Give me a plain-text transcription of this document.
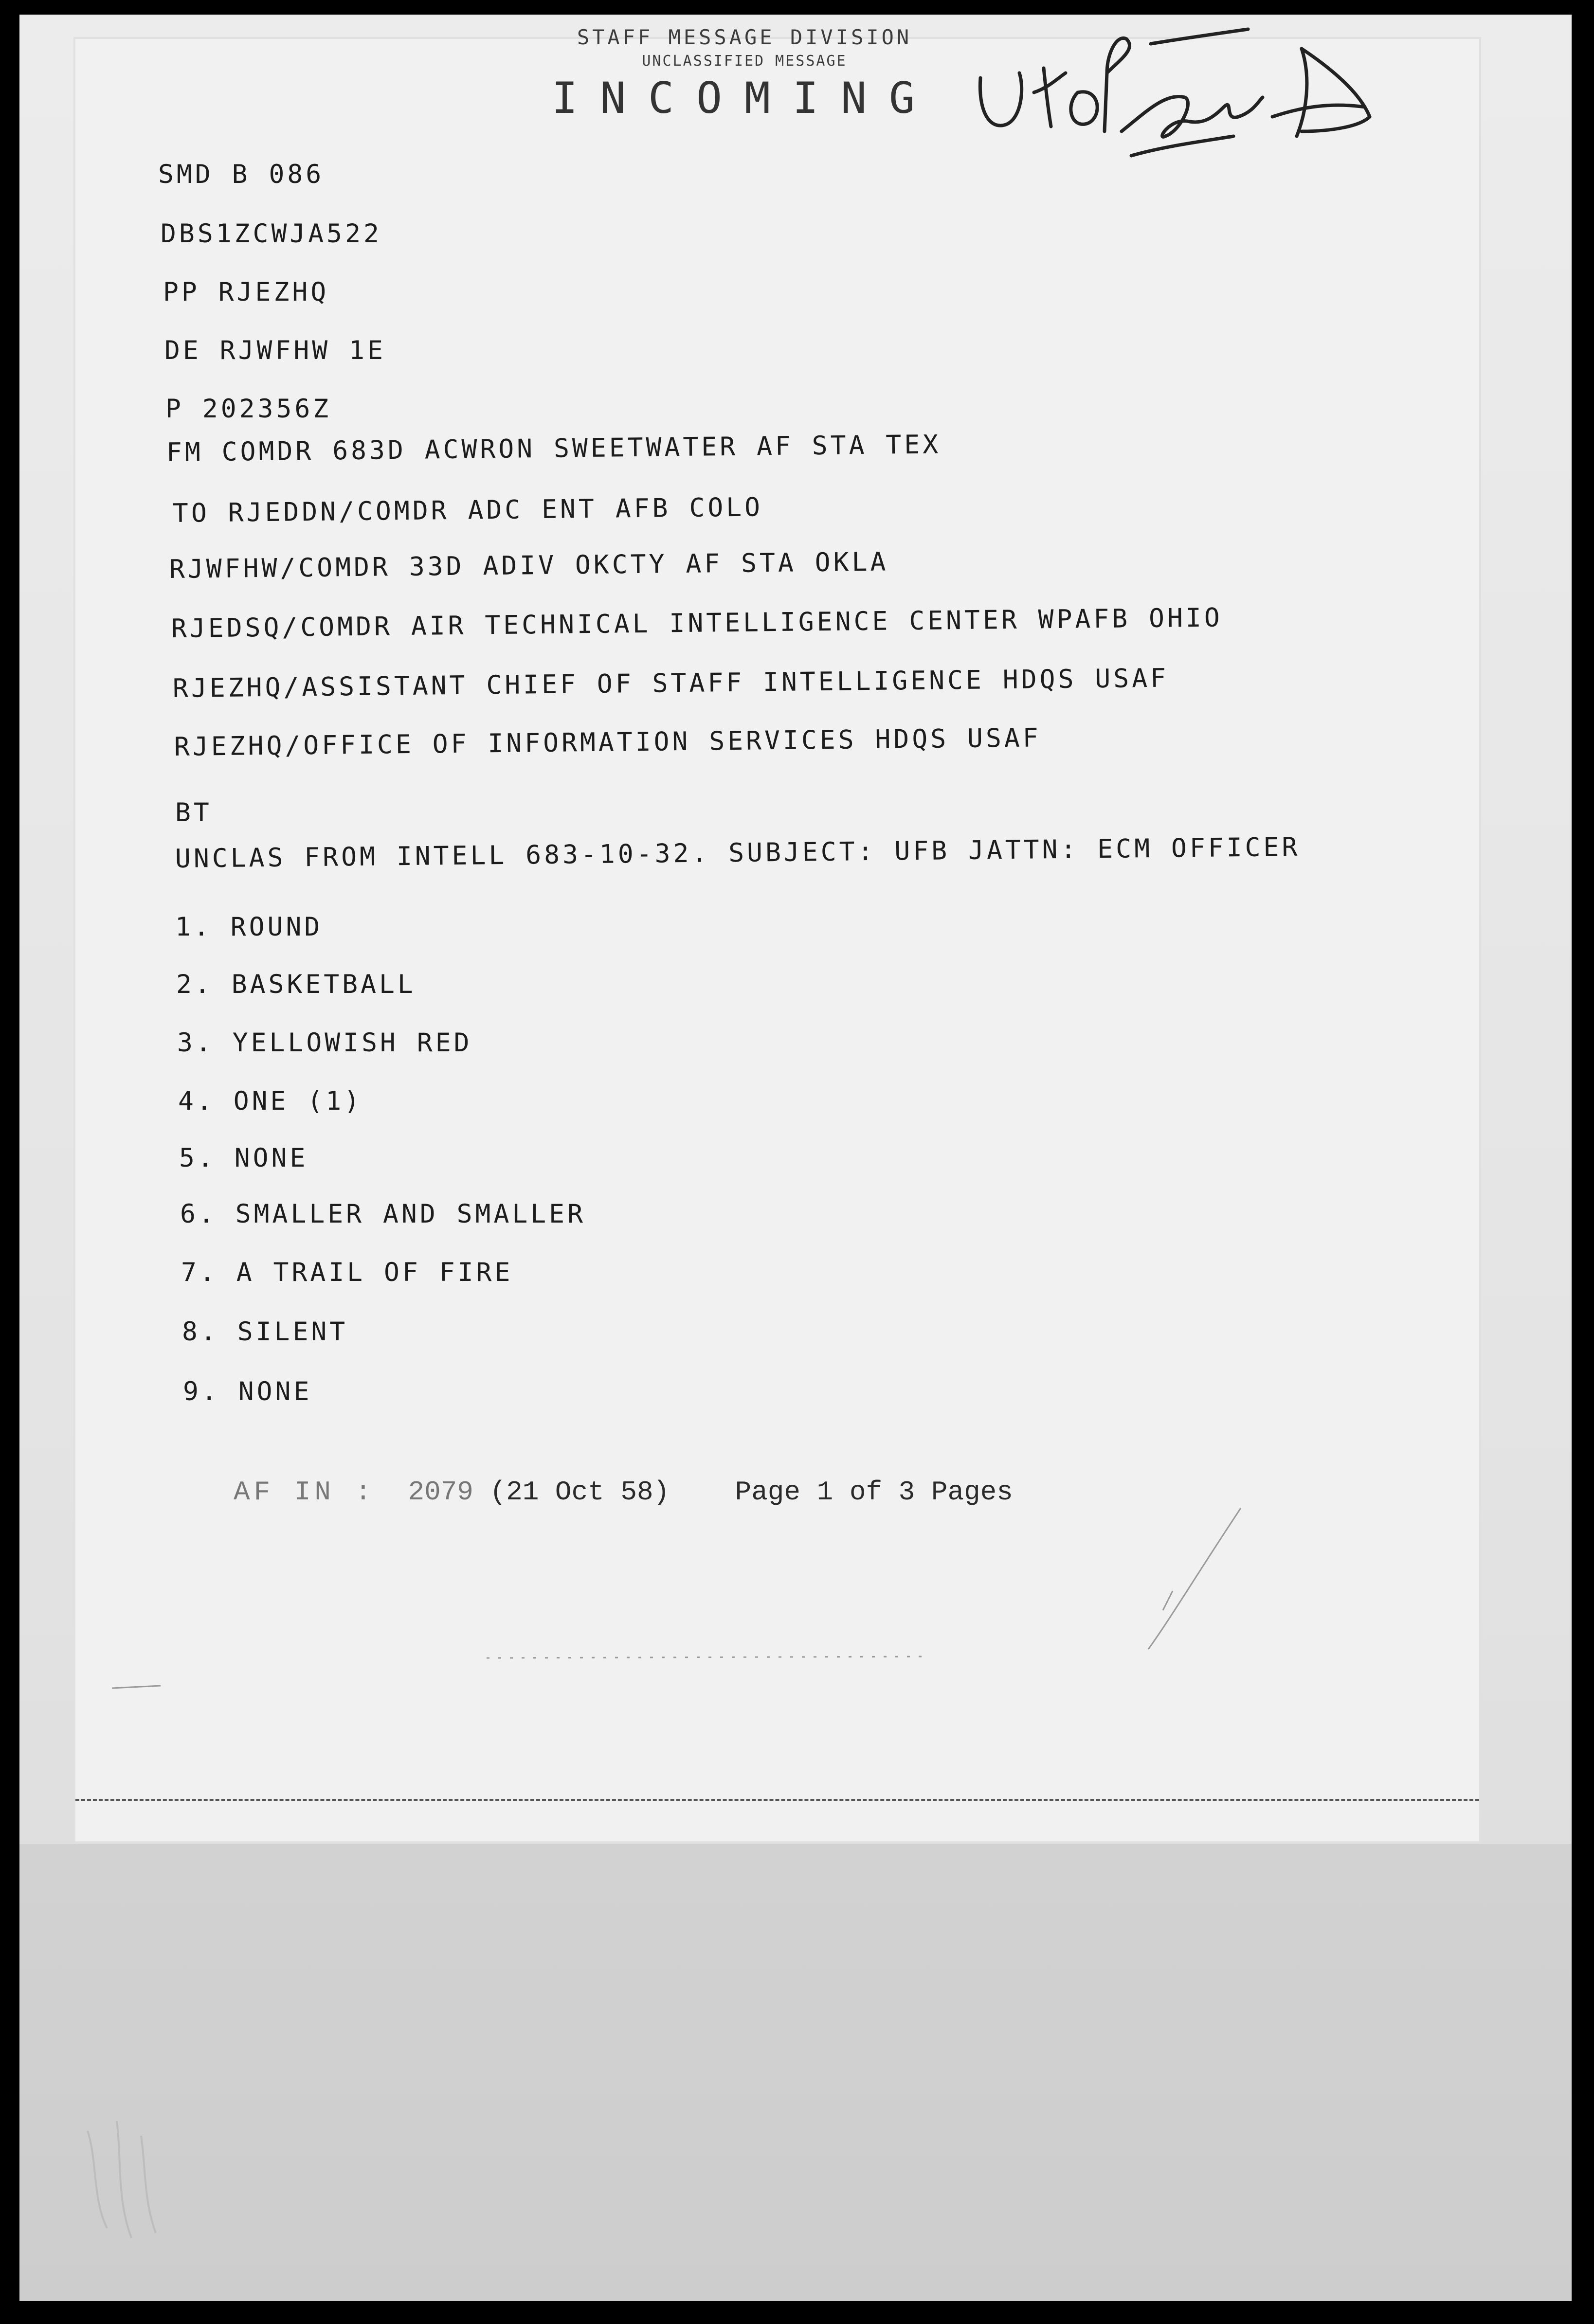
STAFF MESSAGE DIVISION
UNCLASSIFIED MESSAGE
INCOMING
SMD B 086
DBS1ZCWJA522
PP RJEZHQ
DE RJWFHW 1E
P 202356Z
FM COMDR 683D ACWRON SWEETWATER AF STA TEX
TO RJEDDN/COMDR ADC ENT AFB COLO
RJWFHW/COMDR 33D ADIV OKCTY AF STA OKLA
RJEDSQ/COMDR AIR TECHNICAL INTELLIGENCE CENTER WPAFB OHIO
RJEZHQ/ASSISTANT CHIEF OF STAFF INTELLIGENCE HDQS USAF
RJEZHQ/OFFICE OF INFORMATION SERVICES HDQS USAF
BT
UNCLAS FROM INTELL 683-10-32. SUBJECT: UFB JATTN: ECM OFFICER
1. ROUND
2. BASKETBALL
3. YELLOWISH RED
4. ONE (1)
5. NONE
6. SMALLER AND SMALLER
7. A TRAIL OF FIRE
8. SILENT
9. NONE
AF IN : 2079 (21 Oct 58) Page 1 of 3 Pages
